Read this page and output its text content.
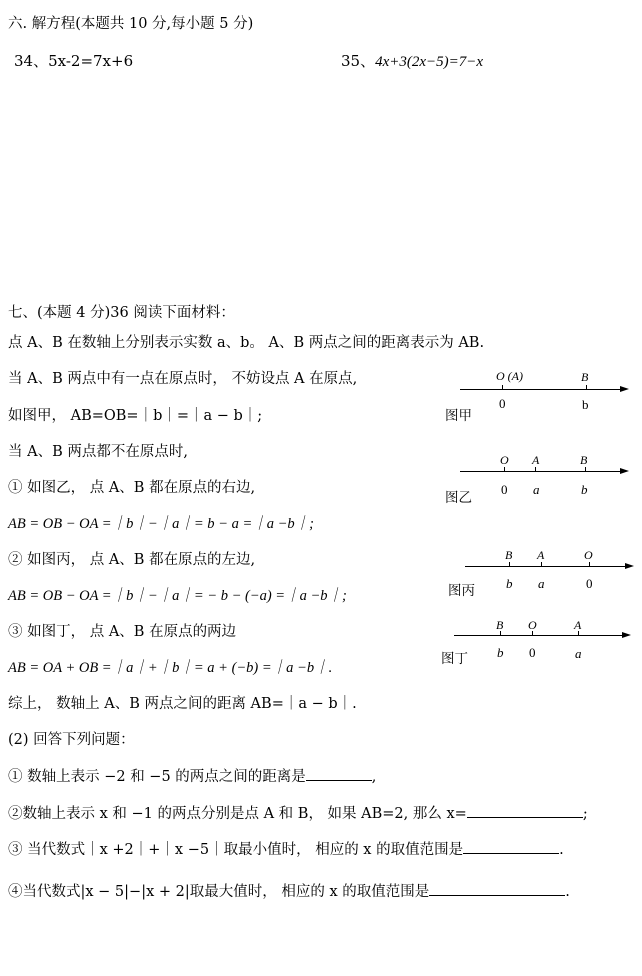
六. 解方程(本题共 10 分,每小题 5 分)
34、5x-2=7x+6	35、4x+3(2x−5)=7−x
七、(本题 4 分)36 阅读下面材料：
点 A、B 在数轴上分别表示实数 a、b。 A、B 两点之间的距离表示为 AB.
当 A、B 两点中有一点在原点时， 不妨设点 A 在原点,
如图甲， AB=OB=｜b｜=｜a − b｜;
当 A、B 两点都不在原点时,
① 如图乙， 点 A、B 都在原点的右边,
AB = OB − OA =｜b｜−｜a｜= b − a =｜a −b｜;
② 如图丙， 点 A、B 都在原点的左边,
AB = OB − OA =｜b｜−｜a｜= − b − (−a) =｜a −b｜;
③ 如图丁， 点 A、B 在原点的两边
AB = OA + OB =｜a｜+｜b｜= a + (−b) =｜a −b｜.
综上， 数轴上 A、B 两点之间的距离 AB=｜a − b｜.
(2) 回答下列问题：
① 数轴上表示 −2 和 −5 的两点之间的距离是	,
②数轴上表示 x 和 −1 的两点分别是点 A 和 B， 如果 AB=2, 那么 x=	;
③ 当代数式｜x +2｜+｜x −5｜取最小值时， 相应的 x 的取值范围是	.
④当代数式|x − 5|−|x + 2|取最大值时， 相应的 x 的取值范围是	.
O (A)	B
0	b
图甲
O A	B
0 a	b
图乙
B A	O
b a	0
图丙
B O	A
b 0	a
图丁
